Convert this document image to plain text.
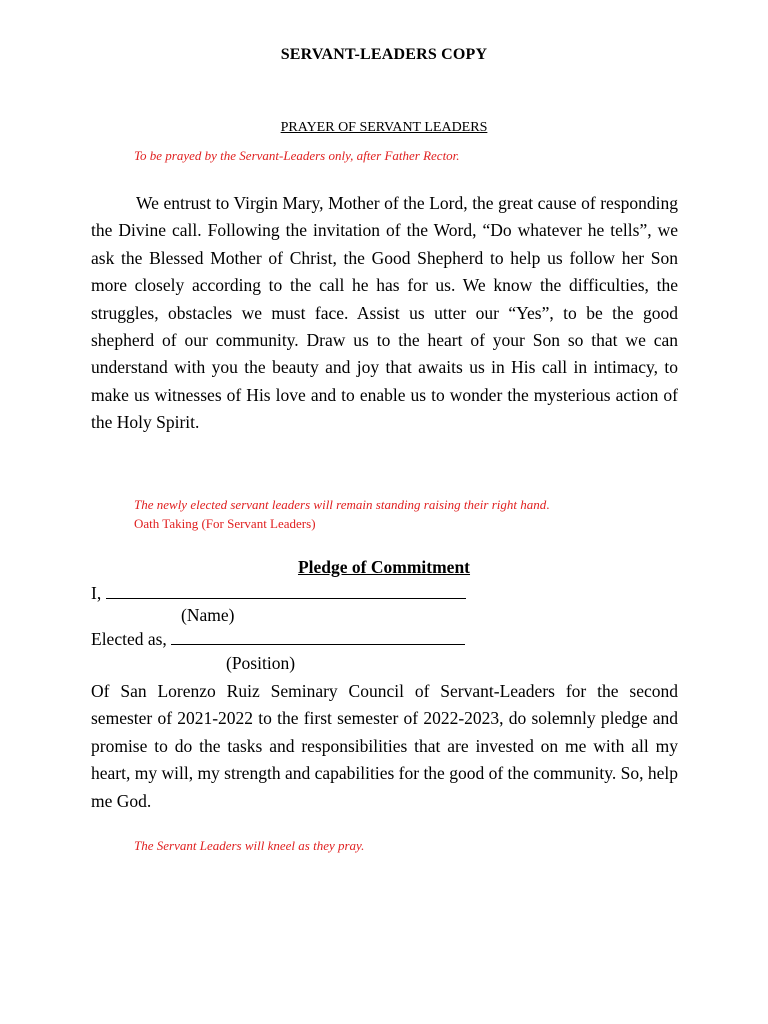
SERVANT-LEADERS COPY
PRAYER OF SERVANT LEADERS
To be prayed by the Servant-Leaders only, after Father Rector.

We entrust to Virgin Mary, Mother of the Lord, the great cause of responding the Divine call. Following the invitation of the Word, “Do whatever he tells”, we ask the Blessed Mother of Christ, the Good Shepherd to help us follow her Son more closely according to the call he has for us. We know the difficulties, the struggles, obstacles we must face. Assist us utter our “Yes”, to be the good shepherd of our community. Draw us to the heart of your Son so that we can understand with you the beauty and joy that awaits us in His call in intimacy, to make us witnesses of His love and to enable us to wonder the mysterious action of the Holy Spirit.

The newly elected servant leaders will remain standing raising their right hand.
Oath Taking (For Servant Leaders)
Pledge of Commitment
I,
(Name)
Elected as,
(Position)

Of San Lorenzo Ruiz Seminary Council of Servant-Leaders for the second semester of 2021-2022 to the first semester of 2022-2023, do solemnly pledge and promise to do the tasks and responsibilities that are invested on me with all my heart, my will, my strength and capabilities for the good of the community. So, help me God.

The Servant Leaders will kneel as they pray.
